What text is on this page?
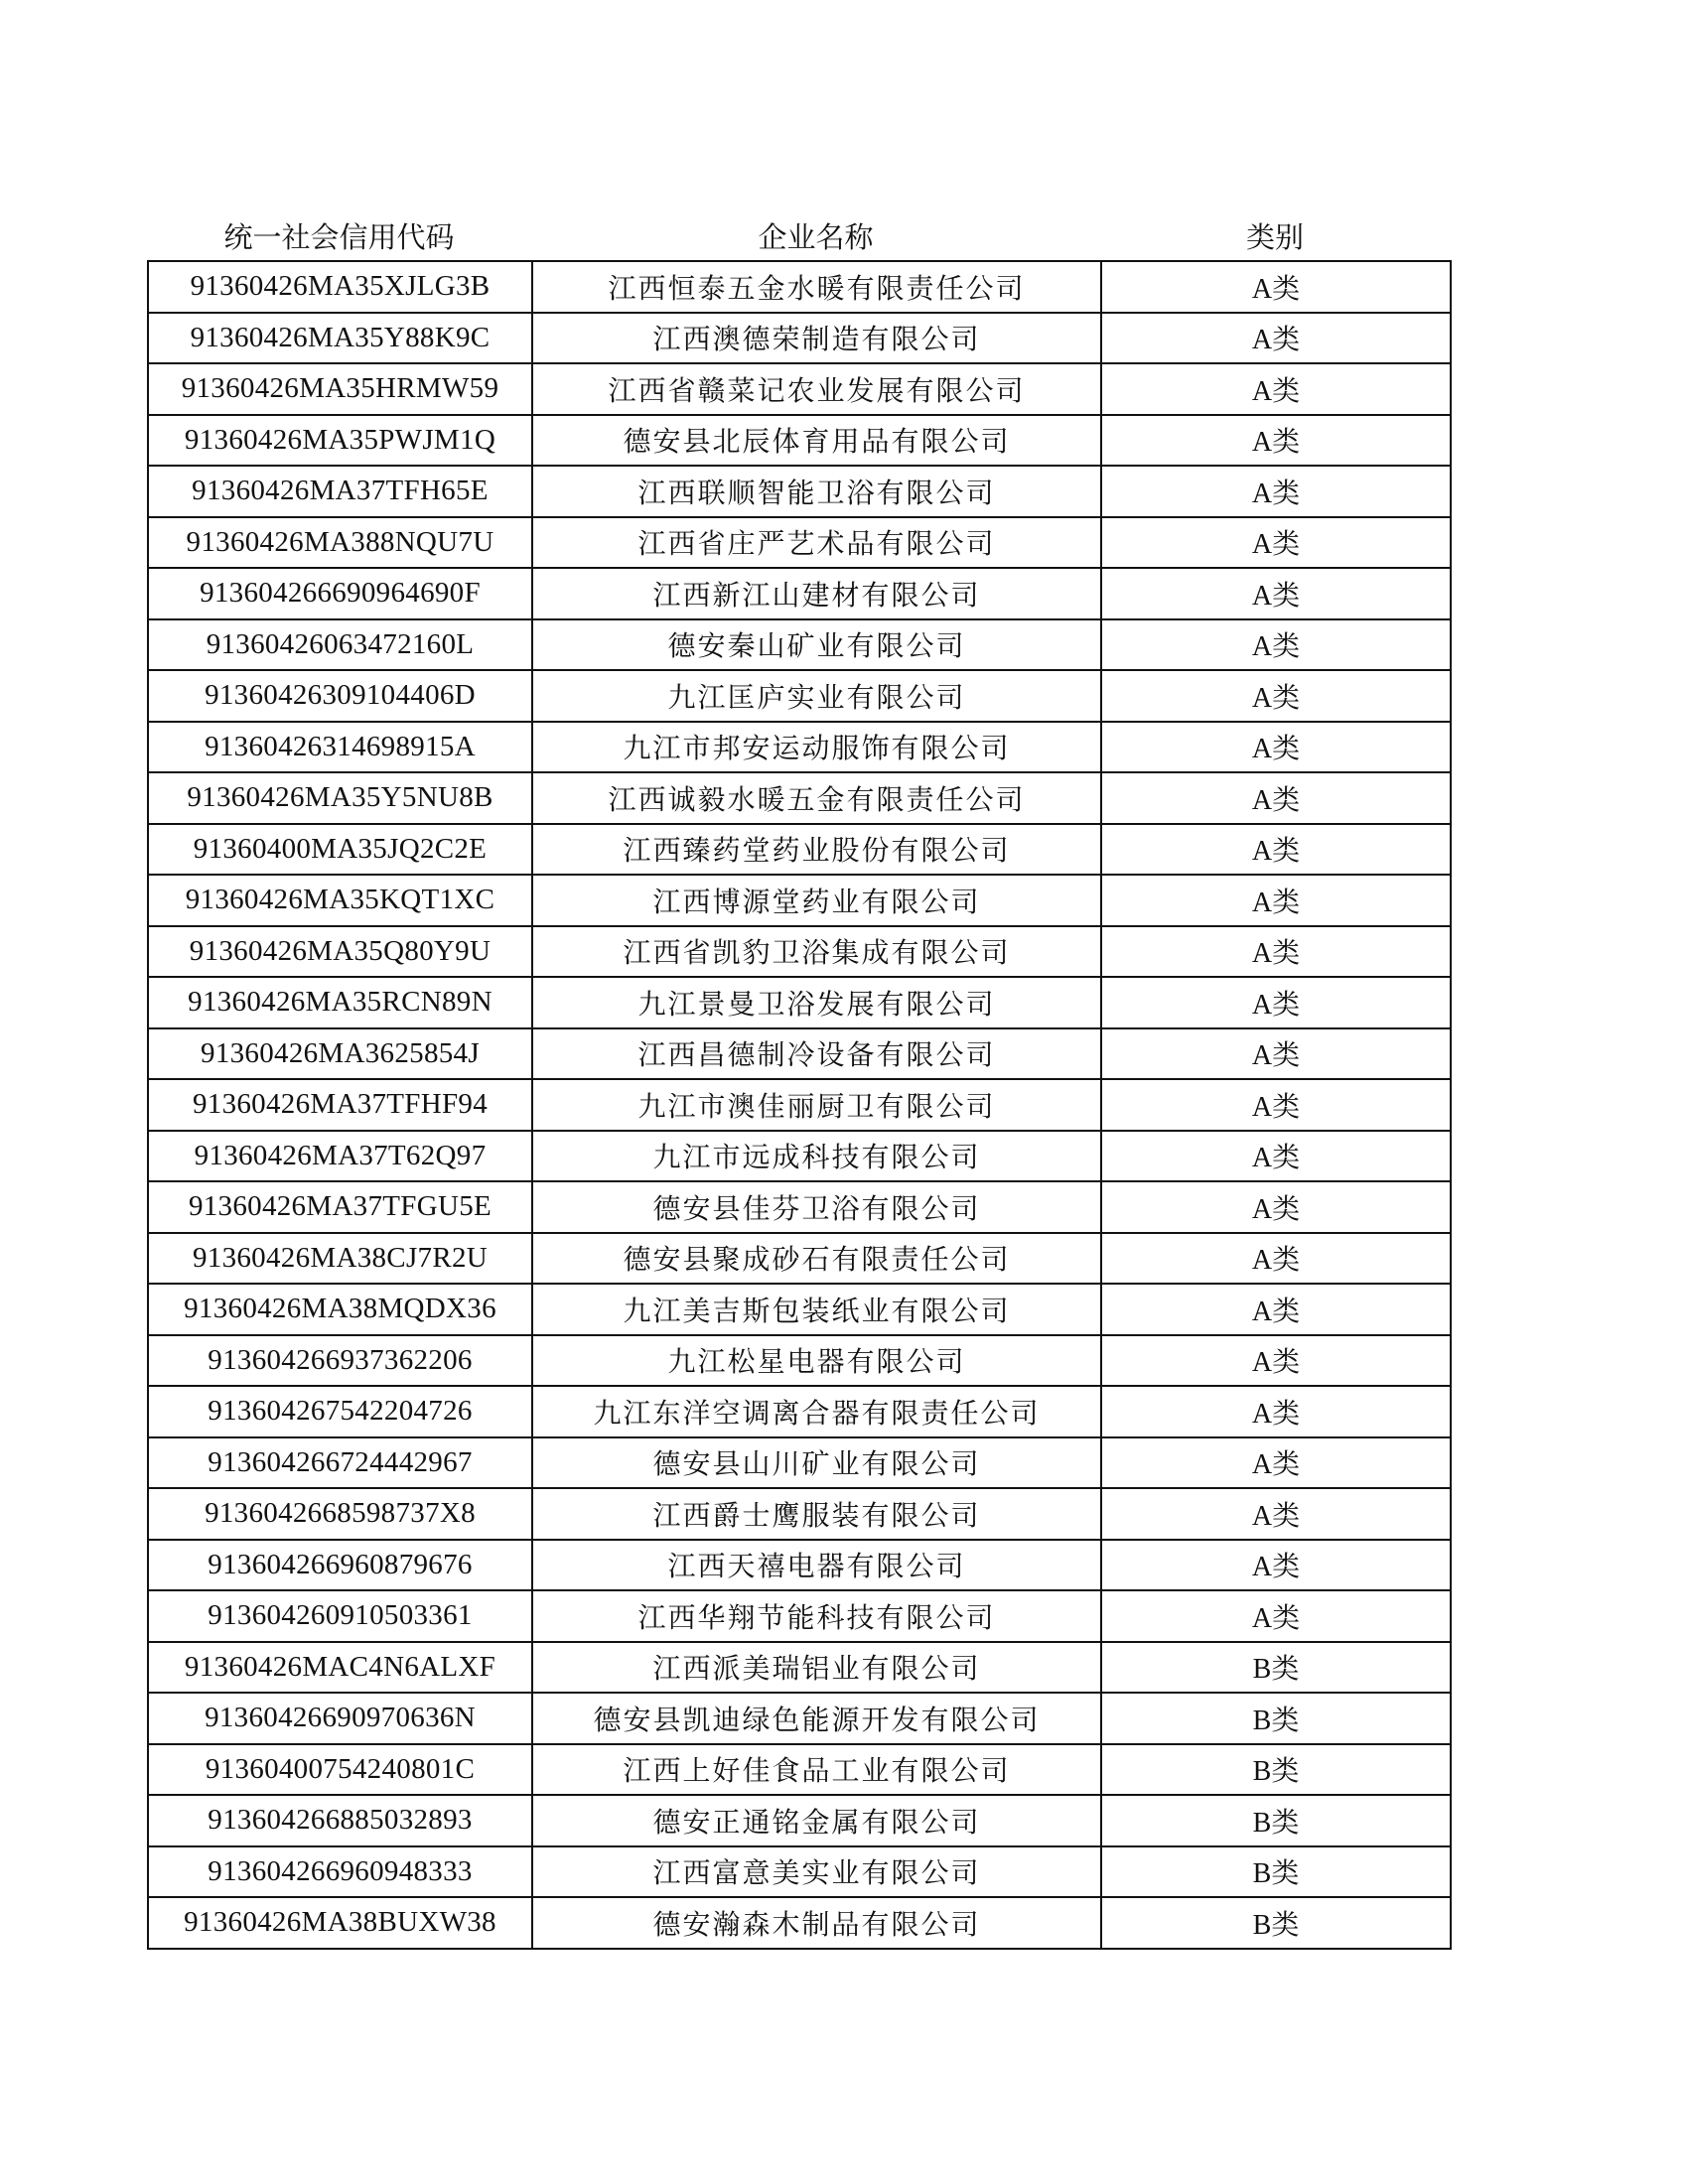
统一社会信用代码	企业名称	类别
91360426MA35XJLG3B	江西恒泰五金水暖有限责任公司	A类
91360426MA35Y88K9C	江西澳德荣制造有限公司	A类
91360426MA35HRMW59	江西省赣菜记农业发展有限公司	A类
91360426MA35PWJM1Q	德安县北辰体育用品有限公司	A类
91360426MA37TFH65E	江西联顺智能卫浴有限公司	A类
91360426MA388NQU7U	江西省庄严艺术品有限公司	A类
913604266690964690F	江西新江山建材有限公司	A类
91360426063472160L	德安秦山矿业有限公司	A类
91360426309104406D	九江匡庐实业有限公司	A类
91360426314698915A	九江市邦安运动服饰有限公司	A类
91360426MA35Y5NU8B	江西诚毅水暖五金有限责任公司	A类
91360400MA35JQ2C2E	江西臻药堂药业股份有限公司	A类
91360426MA35KQT1XC	江西博源堂药业有限公司	A类
91360426MA35Q80Y9U	江西省凯豹卫浴集成有限公司	A类
91360426MA35RCN89N	九江景曼卫浴发展有限公司	A类
91360426MA3625854J	江西昌德制冷设备有限公司	A类
91360426MA37TFHF94	九江市澳佳丽厨卫有限公司	A类
91360426MA37T62Q97	九江市远成科技有限公司	A类
91360426MA37TFGU5E	德安县佳芬卫浴有限公司	A类
91360426MA38CJ7R2U	德安县聚成砂石有限责任公司	A类
91360426MA38MQDX36	九江美吉斯包装纸业有限公司	A类
913604266937362206	九江松星电器有限公司	A类
913604267542204726	九江东洋空调离合器有限责任公司	A类
913604266724442967	德安县山川矿业有限公司	A类
9136042668598737X8	江西爵士鹰服装有限公司	A类
913604266960879676	江西天禧电器有限公司	A类
913604260910503361	江西华翔节能科技有限公司	A类
91360426MAC4N6ALXF	江西派美瑞铝业有限公司	B类
91360426690970636N	德安县凯迪绿色能源开发有限公司	B类
91360400754240801C	江西上好佳食品工业有限公司	B类
913604266885032893	德安正通铭金属有限公司	B类
913604266960948333	江西富意美实业有限公司	B类
91360426MA38BUXW38	德安瀚森木制品有限公司	B类
